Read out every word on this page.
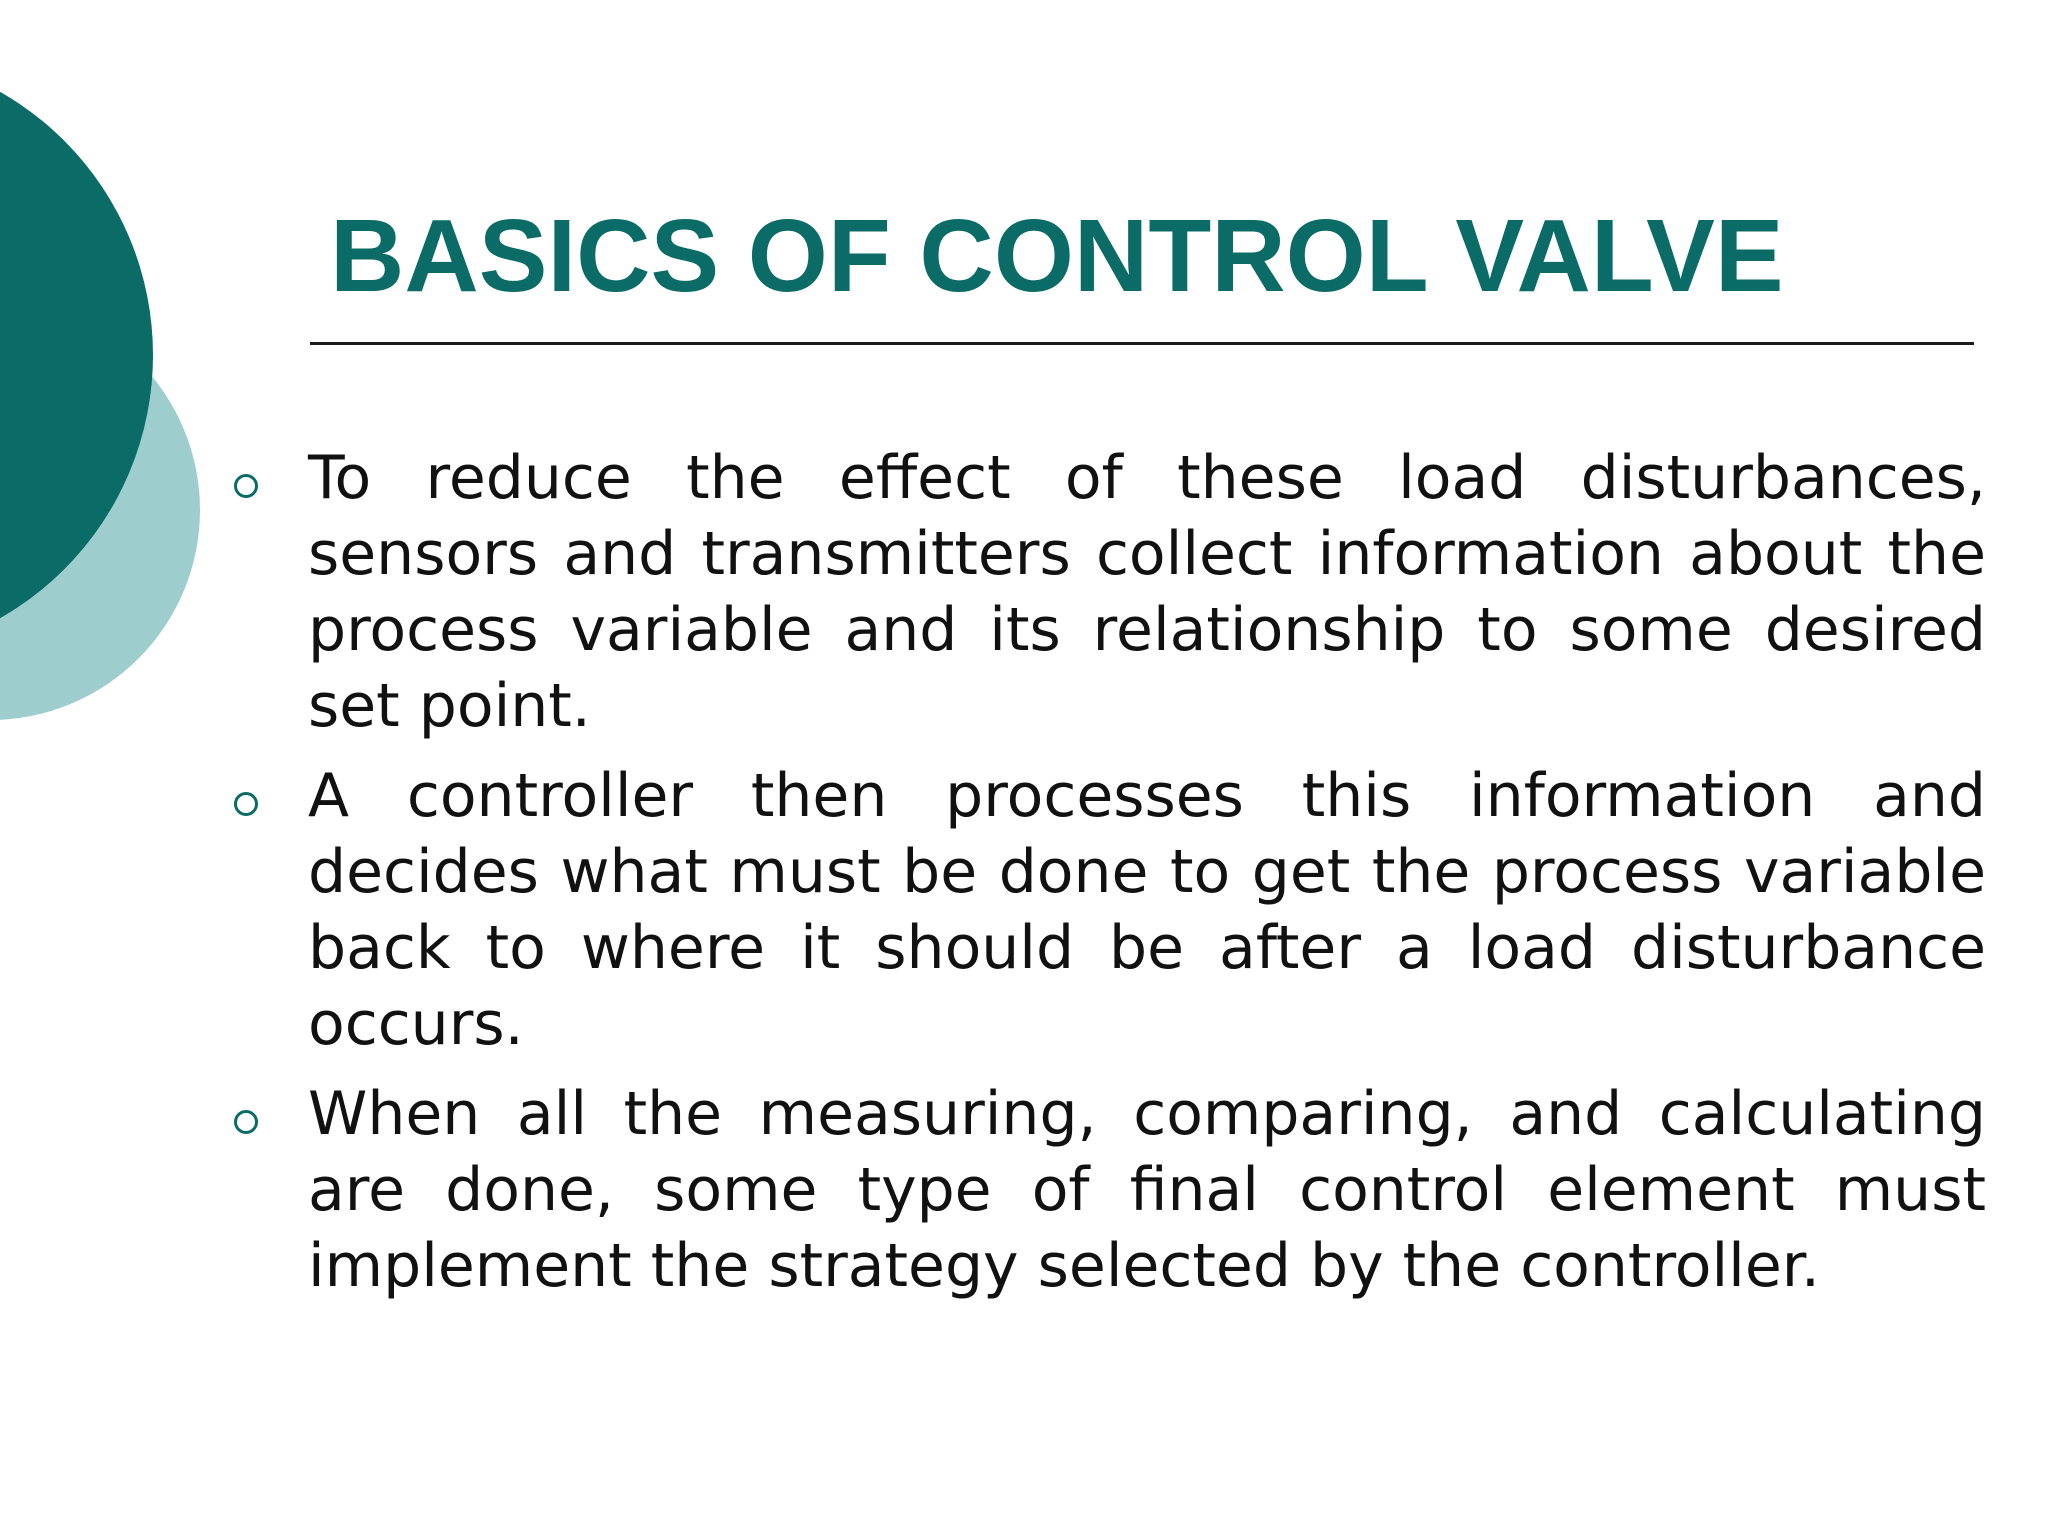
BASICS OF CONTROL VALVE
To reduce the effect of these load disturbances, sensors and transmitters collect information about the process variable and its relationship to some desired set point.
A controller then processes this information and decides what must be done to get the process variable back to where it should be after a load disturbance occurs.
When all the measuring, comparing, and calculating are done, some type of final control element must implement the strategy selected by the controller.
